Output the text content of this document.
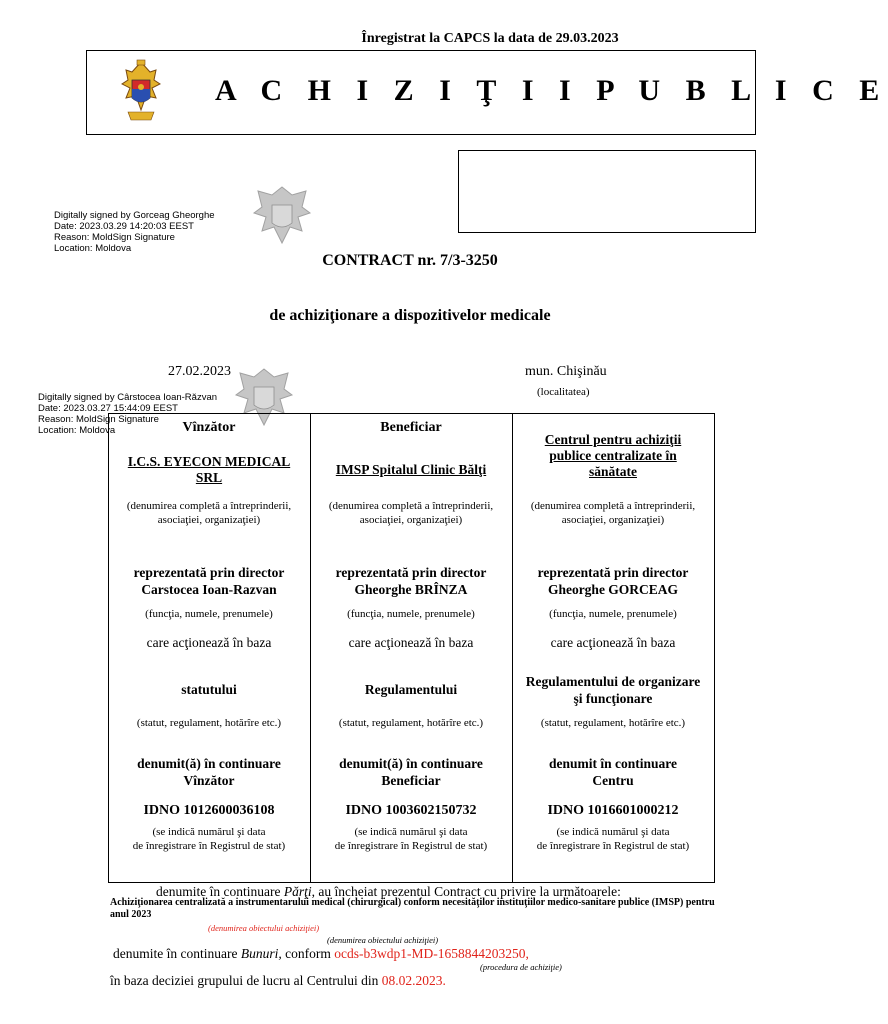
Înregistrat la CAPCS la data de 29.03.2023
A C H I Z I Ţ I I P U B L I C E
Digitally signed by Gorceag Gheorghe
Date: 2023.03.29 14:20:03 EEST
Reason: MoldSign Signature
Location: Moldova
CONTRACT nr. 7/3-3250
de achiziţionare a dispozitivelor medicale
27.02.2023	mun. Chişinău
(localitatea)
Digitally signed by Cârstocea Ioan-Răzvan
Date: 2023.03.27 15:44:09 EEST
Reason: MoldSign Signature
Location: Moldova	Vînzător
I.C.S. EYECON MEDICAL
SRL
(denumirea completă a întreprinderii,
asociaţiei, organizaţiei)
reprezentată prin director
Carstocea Ioan-Razvan
(funcţia, numele, prenumele)
care acţionează în baza
statutului
(statut, regulament, hotărîre etc.)
denumit(ă) în continuare
Vînzător
IDNO 1012600036108
(se indică numărul şi data
de înregistrare în Registrul de stat)
Beneficiar
IMSP Spitalul Clinic Bălţi
(denumirea completă a întreprinderii,
asociaţiei, organizaţiei)
reprezentată prin director
Gheorghe BRÎNZA
(funcţia, numele, prenumele)
care acţionează în baza
Regulamentului
(statut, regulament, hotărîre etc.)
denumit(ă) în continuare
Beneficiar
IDNO 1003602150732
(se indică numărul şi data
de înregistrare în Registrul de stat)
Centrul pentru achiziţii
publice centralizate în
sănătate
(denumirea completă a întreprinderii,
asociaţiei, organizaţiei)
reprezentată prin director
Gheorghe GORCEAG
(funcţia, numele, prenumele)
care acţionează în baza
Regulamentului de organizare
şi funcţionare
(statut, regulament, hotărîre etc.)
denumit în continuare
Centru
IDNO 1016601000212
(se indică numărul şi data
de înregistrare în Registrul de stat)
denumite în continuare Părţi, au încheiat prezentul Contract cu privire la următoarele:
Achiziţionarea centralizată a instrumentarului medical (chirurgical) conform necesităţilor instituţiilor medico-sanitare publice (IMSP) pentru anul 2023
(denumirea obiectului achiziţiei)
(denumirea obiectului achiziţiei)
denumite în continuare Bunuri, conform ocds-b3wdp1-MD-1658844203250,
(procedura de achiziţie)
în baza deciziei grupului de lucru al Centrului din 08.02.2023.
